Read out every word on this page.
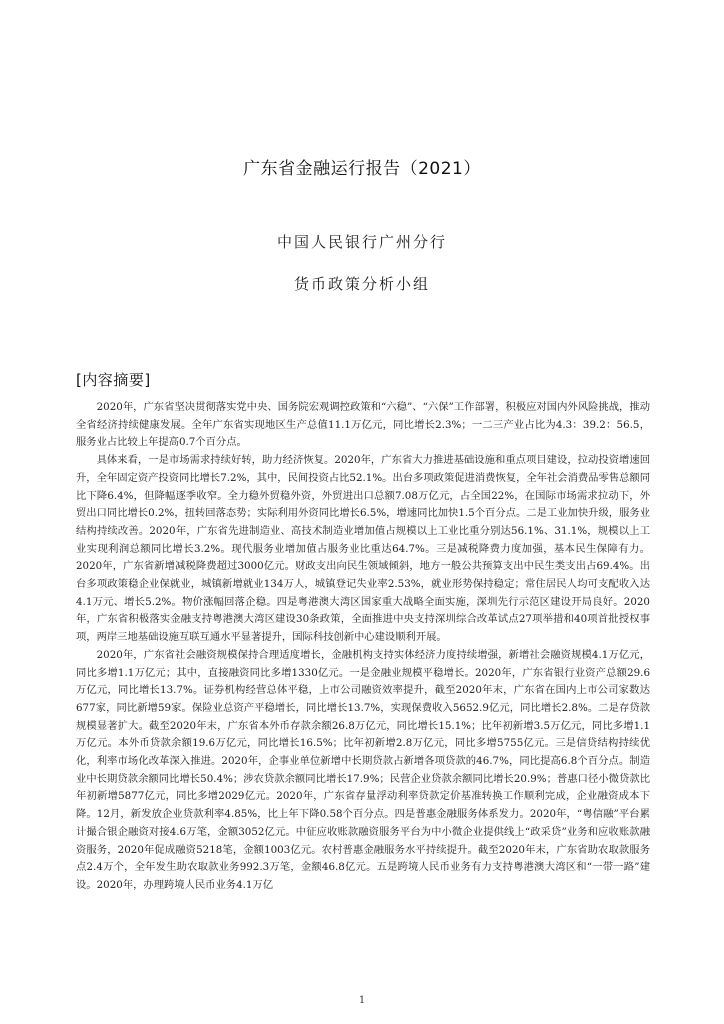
广东省金融运行报告（2021）
中国人民银行广州分行
货币政策分析小组
[内容摘要]

2020年，广东省坚决贯彻落实党中央、国务院宏观调控政策和“六稳”、“六保”工作部署，积极应对国内外风险挑战，推动全省经济持续健康发展。全年广东省实现地区生产总值11.1万亿元，同比增长2.3%；一二三产业占比为4.3：39.2：56.5，服务业占比较上年提高0.7个百分点。

具体来看，一是市场需求持续好转，助力经济恢复。2020年，广东省大力推进基础设施和重点项目建设，拉动投资增速回升，全年固定资产投资同比增长7.2%，其中，民间投资占比52.1%。出台多项政策促进消费恢复，全年社会消费品零售总额同比下降6.4%，但降幅逐季收窄。全力稳外贸稳外资，外贸进出口总额7.08万亿元，占全国22%，在国际市场需求拉动下，外贸出口同比增长0.2%，扭转回落态势；实际利用外资同比增长6.5%，增速同比加快1.5个百分点。二是工业加快升级，服务业结构持续改善。2020年，广东省先进制造业、高技术制造业增加值占规模以上工业比重分别达56.1%、31.1%，规模以上工业实现利润总额同比增长3.2%。现代服务业增加值占服务业比重达64.7%。三是减税降费力度加强，基本民生保障有力。2020年，广东省新增减税降费超过3000亿元。财政支出向民生领域倾斜，地方一般公共预算支出中民生类支出占69.4%。出台多项政策稳企业保就业，城镇新增就业134万人，城镇登记失业率2.53%，就业形势保持稳定；常住居民人均可支配收入达4.1万元、增长5.2%。物价涨幅回落企稳。四是粤港澳大湾区国家重大战略全面实施，深圳先行示范区建设开局良好。2020年，广东省积极落实金融支持粤港澳大湾区建设30条政策，全面推进中央支持深圳综合改革试点27项举措和40项首批授权事项，两岸三地基础设施互联互通水平显著提升，国际科技创新中心建设顺利开展。

2020年，广东省社会融资规模保持合理适度增长，金融机构支持实体经济力度持续增强，新增社会融资规模4.1万亿元，同比多增1.1万亿元；其中，直接融资同比多增1330亿元。一是金融业规模平稳增长。2020年，广东省银行业资产总额29.6万亿元，同比增长13.7%。证券机构经营总体平稳，上市公司融资效率提升，截至2020年末，广东省在国内上市公司家数达677家，同比新增59家。保险业总资产平稳增长，同比增长13.7%，实现保费收入5652.9亿元，同比增长2.8%。二是存贷款规模显著扩大。截至2020年末，广东省本外币存款余额26.8万亿元，同比增长15.1%；比年初新增3.5万亿元，同比多增1.1万亿元。本外币贷款余额19.6万亿元，同比增长16.5%；比年初新增2.8万亿元，同比多增5755亿元。三是信贷结构持续优化，利率市场化改革深入推进。2020年，企事业单位新增中长期贷款占新增各项贷款的46.7%，同比提高6.8个百分点。制造业中长期贷款余额同比增长50.4%；涉农贷款余额同比增长17.9%；民营企业贷款余额同比增长20.9%；普惠口径小微贷款比年初新增5877亿元，同比多增2029亿元。2020年，广东省存量浮动利率贷款定价基准转换工作顺利完成，企业融资成本下降。12月，新发放企业贷款利率4.85%，比上年下降0.58个百分点。四是普惠金融服务体系发力。2020年，“粤信融”平台累计撮合银企融资对接4.6万笔，金额3052亿元。中征应收账款融资服务平台为中小微企业提供线上“政采贷”业务和应收账款融资服务，2020年促成融资5218笔，金额1003亿元。农村普惠金融服务水平持续提升。截至2020年末，广东省助农取款服务点2.4万个，全年发生助农取款业务992.3万笔，金额46.8亿元。五是跨境人民币业务有力支持粤港澳大湾区和“一带一路”建设。2020年，办理跨境人民币业务4.1万亿

1
